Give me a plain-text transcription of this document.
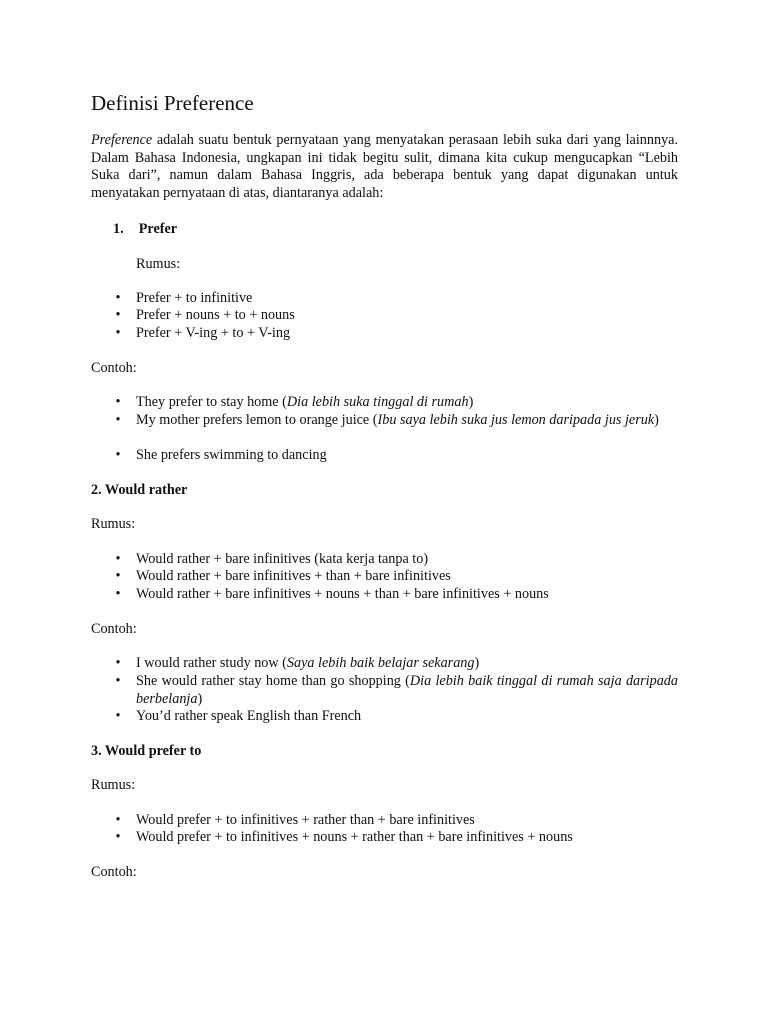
Definisi Preference

Preference adalah suatu bentuk pernyataan yang menyatakan perasaan lebih suka dari yang lainnnya. Dalam Bahasa Indonesia, ungkapan ini tidak begitu sulit, dimana kita cukup mengucapkan “Lebih Suka dari”, namun dalam Bahasa Inggris, ada beberapa bentuk yang dapat digunakan untuk menyatakan pernyataan di atas, diantaranya adalah:

1. Prefer
Rumus:
• Prefer + to infinitive
• Prefer + nouns + to + nouns
• Prefer + V-ing + to + V-ing
Contoh:
• They prefer to stay home (Dia lebih suka tinggal di rumah)
• My mother prefers lemon to orange juice (Ibu saya lebih suka jus lemon daripada jus jeruk)
• She prefers swimming to dancing
2. Would rather
Rumus:
• Would rather + bare infinitives (kata kerja tanpa to)
• Would rather + bare infinitives + than + bare infinitives
• Would rather + bare infinitives + nouns + than + bare infinitives + nouns
Contoh:
• I would rather study now (Saya lebih baik belajar sekarang)
• She would rather stay home than go shopping (Dia lebih baik tinggal di rumah saja daripada berbelanja)
• You’d rather speak English than French
3. Would prefer to
Rumus:
• Would prefer + to infinitives + rather than + bare infinitives
• Would prefer + to infinitives + nouns + rather than + bare infinitives + nouns
Contoh:
